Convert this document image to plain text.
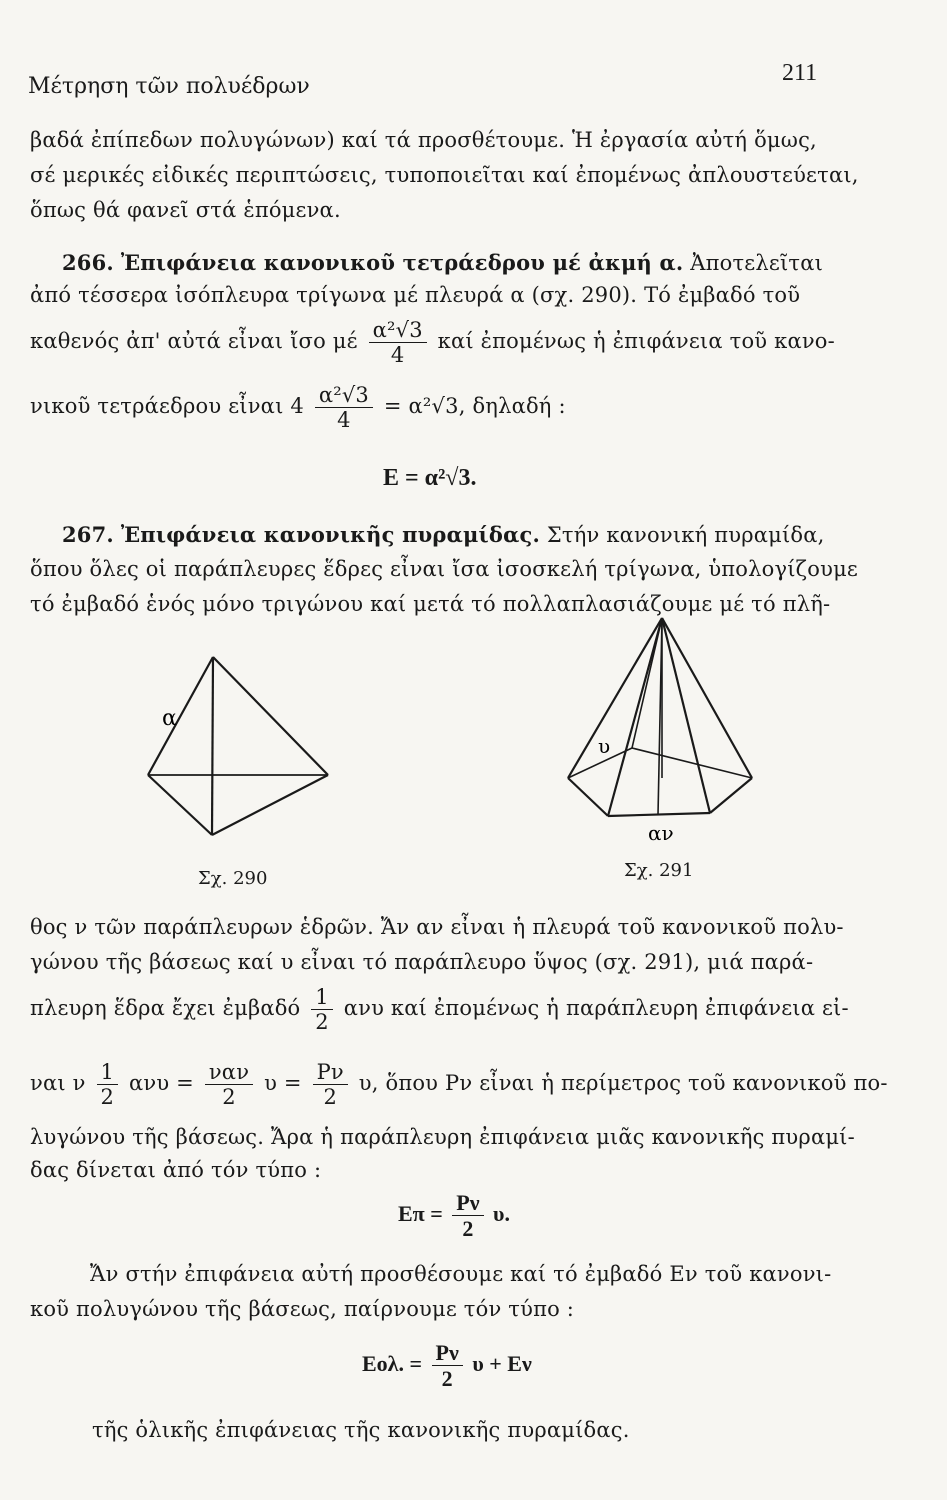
Μέτρηση τῶν πολυέδρων
211
βαδά ἐπίπεδων πολυγώνων) καί τά προσθέτουμε. Ἡ ἐργασία αὐτή ὅμως,
σέ μερικές εἰδικές περιπτώσεις, τυποποιεῖται καί ἐπομένως ἀπλουστεύεται,
ὅπως θά φανεῖ στά ἑπόμενα.
266. Ἐπιφάνεια κανονικοῦ τετράεδρου μέ ἀκμή α. Ἀποτελεῖται
ἀπό τέσσερα ἰσόπλευρα τρίγωνα μέ πλευρά α (σχ. 290). Τό ἐμβαδό τοῦ
καθενός ἀπ' αὐτά εἶναι ἴσο μέ $\frac{\text{α²√3}}{4}$ καί ἐπομένως ἡ ἐπιφάνεια τοῦ κανο-
νικοῦ τετράεδρου εἶναι $4 \frac{\text{α²√3}}{4} = \alpha^2√3$, δηλαδή :
E = α²√3.
267. Ἐπιφάνεια κανονικῆς πυραμίδας. Στήν κανονική πυραμίδα,
ὅπου ὅλες οἱ παράπλευρες ἕδρες εἶναι ἴσα ἰσοσκελή τρίγωνα, ὑπολογίζουμε
τό ἐμβαδό ἑνός μόνο τριγώνου καί μετά τό πολλαπλασιάζουμε μέ τό πλῆ-
α
Σχ. 290
υ
αν
Σχ. 291
θος ν τῶν παράπλευρων ἑδρῶν. Ἄν αν εἶναι ἡ πλευρά τοῦ κανονικοῦ πολυ-
γώνου τῆς βάσεως καί υ εἶναι τό παράπλευρο ὕψος (σχ. 291), μιά παρά-
πλευρη ἕδρα ἔχει ἐμβαδό $\frac{1}{2}$ ανυ καί ἐπομένως ἡ παράπλευρη ἐπιφάνεια εἰ-
ναι ν $\frac{1}{2}$ $\alpha\nu\upsilon = \frac{\text{ναν}}{2}$ $\upsilon = \frac{P\nu}{2} \upsilon$, ὅπου Pν εἶναι ἡ περίμετρος τοῦ κανονικοῦ πο-
λυγώνου τῆς βάσεως. Ἄρα ἡ παράπλευρη ἐπιφάνεια μιᾶς κανονικῆς πυραμί-
δας δίνεται ἀπό τόν τύπο :
$E\pi = \frac{P\nu}{2} \upsilon$.
Ἄν στήν ἐπιφάνεια αὐτή προσθέσουμε καί τό ἐμβαδό Eν τοῦ κανονι-
κοῦ πολυγώνου τῆς βάσεως, παίρνουμε τόν τύπο :
Eολ. = $\frac{P\nu}{2}$ υ + Eν
τῆς ὁλικῆς ἐπιφάνειας τῆς κανονικῆς πυραμίδας.
